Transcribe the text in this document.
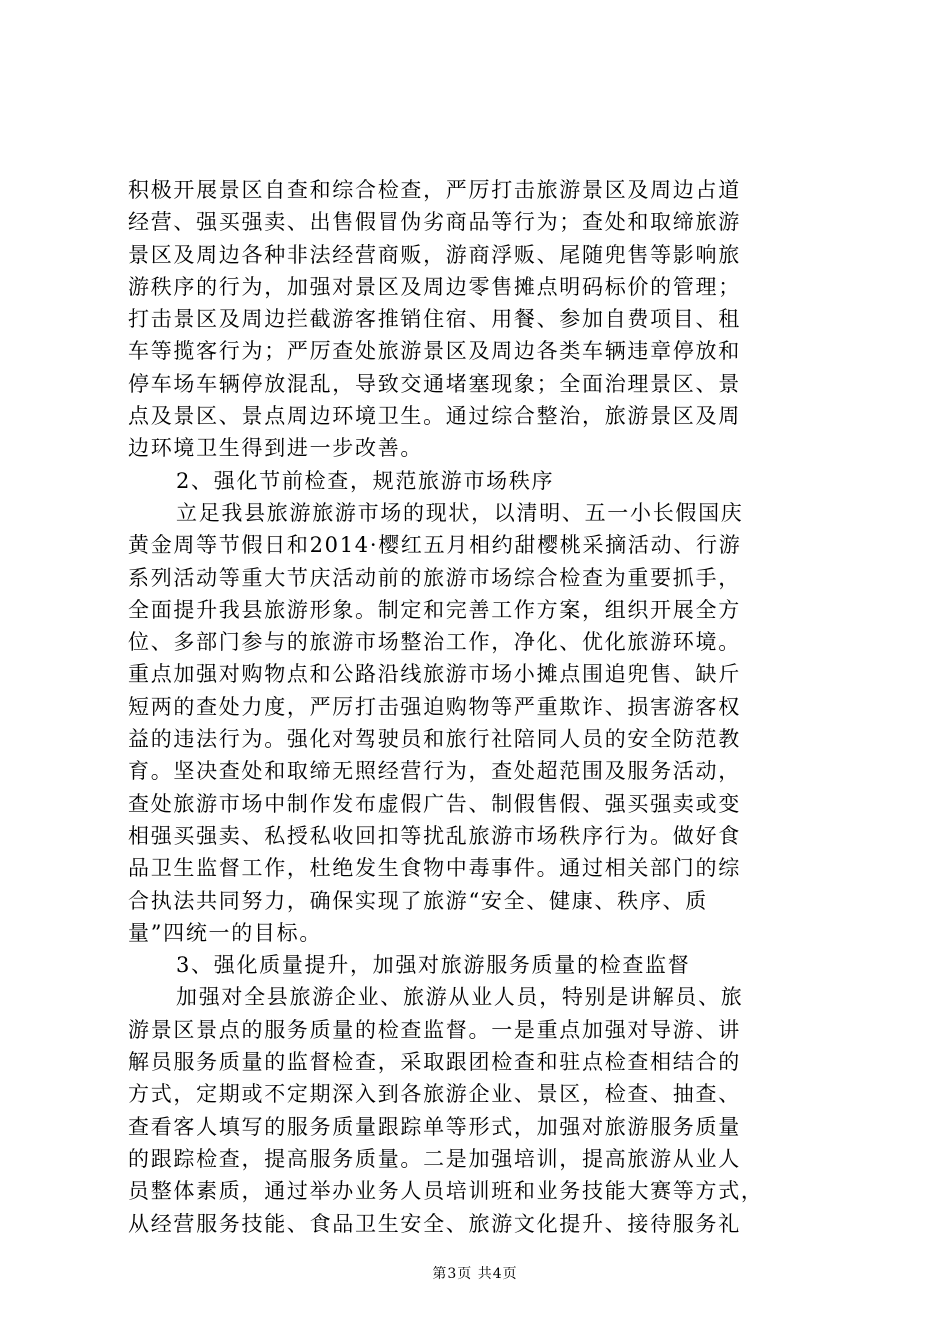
积极开展景区自查和综合检查，严厉打击旅游景区及周边占道
经营、强买强卖、出售假冒伪劣商品等行为；查处和取缔旅游
景区及周边各种非法经营商贩，游商浮贩、尾随兜售等影响旅
游秩序的行为，加强对景区及周边零售摊点明码标价的管理；
打击景区及周边拦截游客推销住宿、用餐、参加自费项目、租
车等揽客行为；严厉查处旅游景区及周边各类车辆违章停放和
停车场车辆停放混乱，导致交通堵塞现象；全面治理景区、景
点及景区、景点周边环境卫生。通过综合整治，旅游景区及周
边环境卫生得到进一步改善。
2、强化节前检查，规范旅游市场秩序
立足我县旅游旅游市场的现状，以清明、五一小长假国庆
黄金周等节假日和2014·樱红五月相约甜樱桃采摘活动、行游
系列活动等重大节庆活动前的旅游市场综合检查为重要抓手，
全面提升我县旅游形象。制定和完善工作方案，组织开展全方
位、多部门参与的旅游市场整治工作，净化、优化旅游环境。
重点加强对购物点和公路沿线旅游市场小摊点围追兜售、缺斤
短两的查处力度，严厉打击强迫购物等严重欺诈、损害游客权
益的违法行为。强化对驾驶员和旅行社陪同人员的安全防范教
育。坚决查处和取缔无照经营行为，查处超范围及服务活动，
查处旅游市场中制作发布虚假广告、制假售假、强买强卖或变
相强买强卖、私授私收回扣等扰乱旅游市场秩序行为。做好食
品卫生监督工作，杜绝发生食物中毒事件。通过相关部门的综
合执法共同努力，确保实现了旅游“安全、健康、秩序、质
量”四统一的目标。
3、强化质量提升，加强对旅游服务质量的检查监督
加强对全县旅游企业、旅游从业人员，特别是讲解员、旅
游景区景点的服务质量的检查监督。一是重点加强对导游、讲
解员服务质量的监督检查，采取跟团检查和驻点检查相结合的
方式，定期或不定期深入到各旅游企业、景区，检查、抽查、
查看客人填写的服务质量跟踪单等形式，加强对旅游服务质量
的跟踪检查，提高服务质量。二是加强培训，提高旅游从业人
员整体素质，通过举办业务人员培训班和业务技能大赛等方式，
从经营服务技能、食品卫生安全、旅游文化提升、接待服务礼
第3页 共4页
